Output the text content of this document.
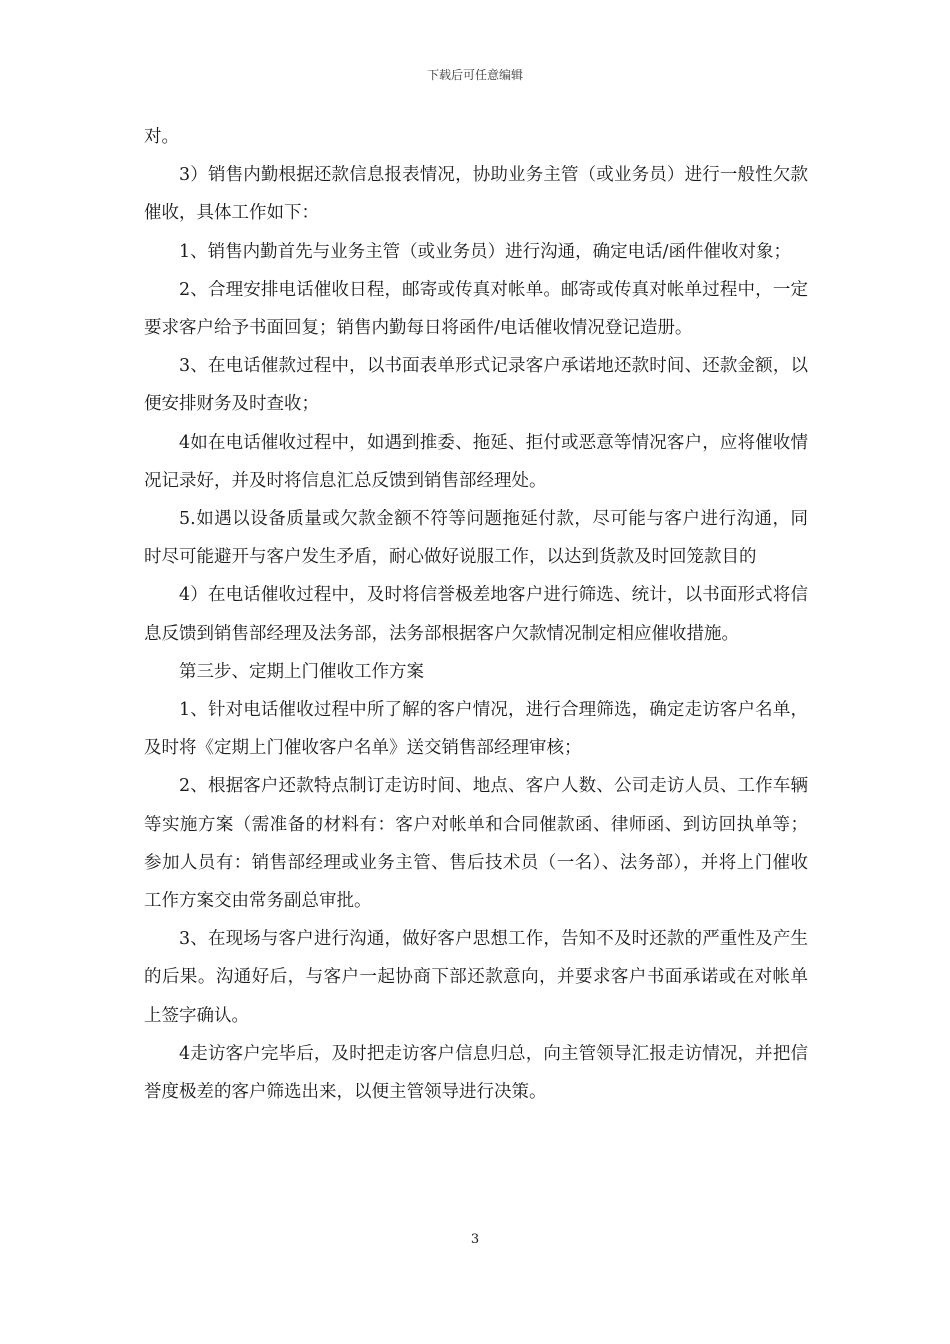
下载后可任意编辑

对。

3）销售内勤根据还款信息报表情况，协助业务主管（或业务员）进行一般性欠款催收，具体工作如下：

1、销售内勤首先与业务主管（或业务员）进行沟通，确定电话/函件催收对象；

2、合理安排电话催收日程，邮寄或传真对帐单。邮寄或传真对帐单过程中，一定要求客户给予书面回复；销售内勤每日将函件/电话催收情况登记造册。

3、在电话催款过程中，以书面表单形式记录客户承诺地还款时间、还款金额，以便安排财务及时查收；

4如在电话催收过程中，如遇到推委、拖延、拒付或恶意等情况客户，应将催收情况记录好，并及时将信息汇总反馈到销售部经理处。

5.如遇以设备质量或欠款金额不符等问题拖延付款，尽可能与客户进行沟通，同时尽可能避开与客户发生矛盾，耐心做好说服工作，以达到货款及时回笼款目的

4）在电话催收过程中，及时将信誉极差地客户进行筛选、统计，以书面形式将信息反馈到销售部经理及法务部，法务部根据客户欠款情况制定相应催收措施。

第三步、定期上门催收工作方案

1、针对电话催收过程中所了解的客户情况，进行合理筛选，确定走访客户名单，及时将《定期上门催收客户名单》送交销售部经理审核；

2、根据客户还款特点制订走访时间、地点、客户人数、公司走访人员、工作车辆等实施方案（需准备的材料有：客户对帐单和合同催款函、律师函、到访回执单等；参加人员有：销售部经理或业务主管、售后技术员（一名）、法务部），并将上门催收工作方案交由常务副总审批。

3、在现场与客户进行沟通，做好客户思想工作，告知不及时还款的严重性及产生的后果。沟通好后，与客户一起协商下部还款意向，并要求客户书面承诺或在对帐单上签字确认。

4走访客户完毕后，及时把走访客户信息归总，向主管领导汇报走访情况，并把信誉度极差的客户筛选出来，以便主管领导进行决策。

3
